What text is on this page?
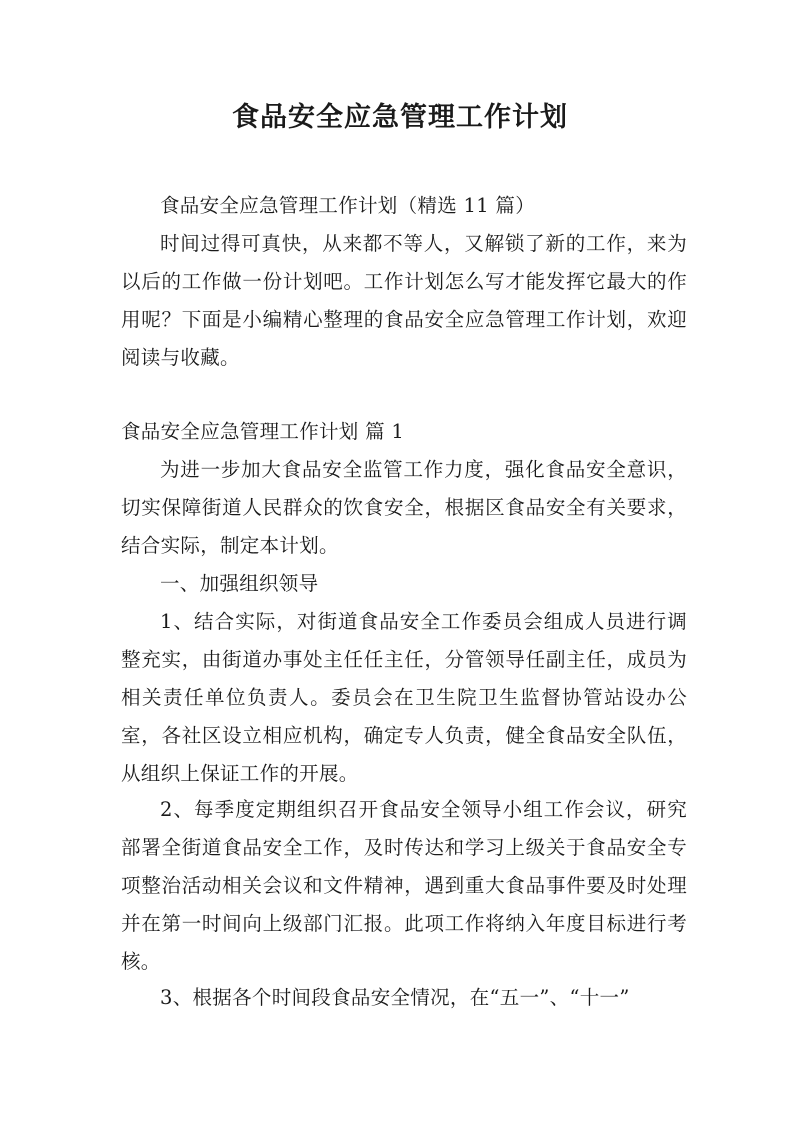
食品安全应急管理工作计划

食品安全应急管理工作计划（精选 11 篇）

时间过得可真快，从来都不等人，又解锁了新的工作，来为以后的工作做一份计划吧。工作计划怎么写才能发挥它最大的作用呢？下面是小编精心整理的食品安全应急管理工作计划，欢迎阅读与收藏。

食品安全应急管理工作计划 篇 1

为进一步加大食品安全监管工作力度，强化食品安全意识，切实保障街道人民群众的饮食安全，根据区食品安全有关要求，结合实际，制定本计划。

一、加强组织领导

1、结合实际，对街道食品安全工作委员会组成人员进行调整充实，由街道办事处主任任主任，分管领导任副主任，成员为相关责任单位负责人。委员会在卫生院卫生监督协管站设办公室，各社区设立相应机构，确定专人负责，健全食品安全队伍，从组织上保证工作的开展。

2、每季度定期组织召开食品安全领导小组工作会议，研究部署全街道食品安全工作，及时传达和学习上级关于食品安全专项整治活动相关会议和文件精神，遇到重大食品事件要及时处理并在第一时间向上级部门汇报。此项工作将纳入年度目标进行考核。

3、根据各个时间段食品安全情况，在“五一”、“十一”
